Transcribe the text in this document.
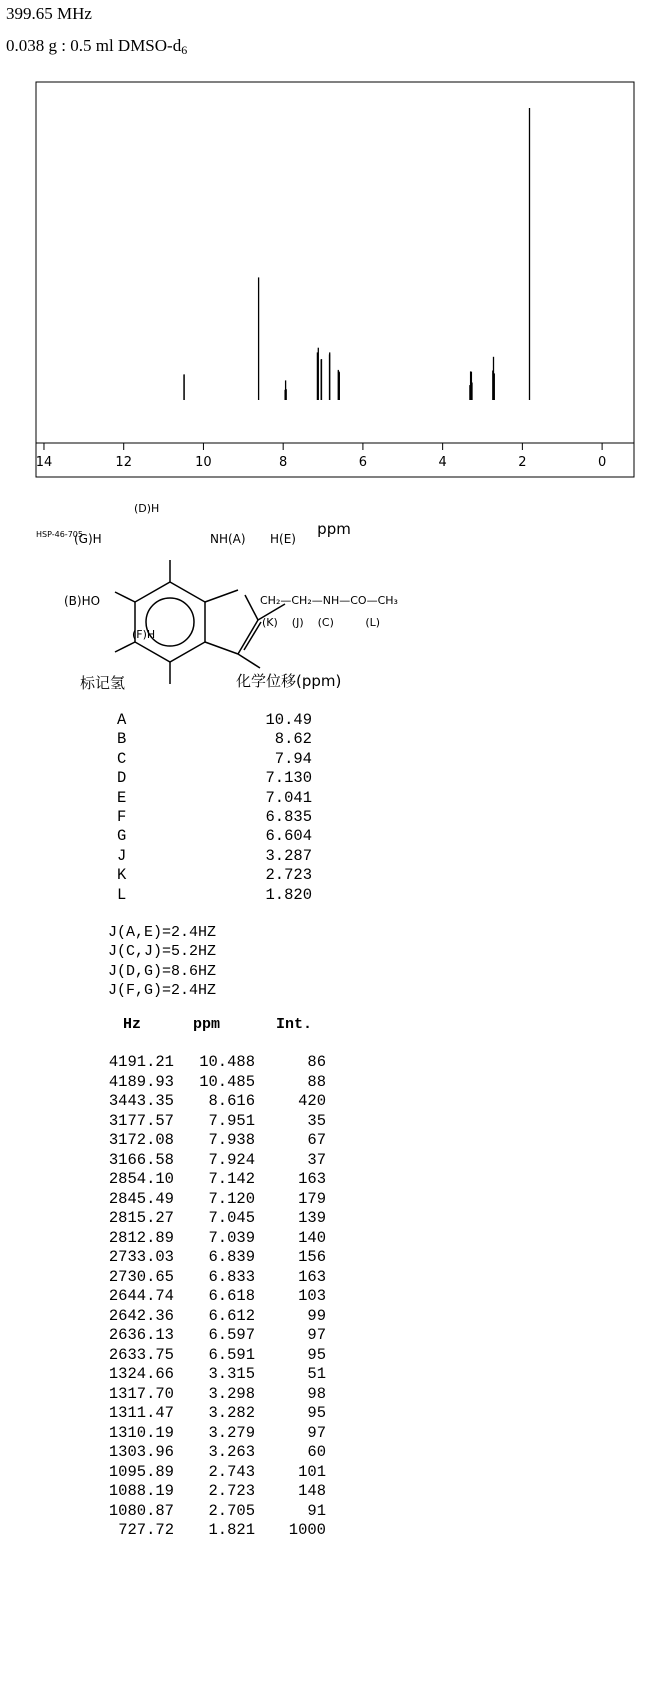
399.65 MHz
0.038 g : 0.5 ml DMSO-$d_6$
14	12	10	8	6	4	2	0
ppm
HSP-46-705
(D)H
NH(A) H(E)
(G)H
(B)HO
(F)H
CH₂—CH₂—NH—CO—CH₃
(K)    (J)    (C)         (L)
标记氢	化学位移(ppm)
A	10.49
B	8.62
C	7.94
D	7.130
E	7.041
F	6.835
G	6.604
J	3.287
K	2.723
L	1.820
J(A,E)=2.4HZ
J(C,J)=5.2HZ
J(D,G)=8.6HZ
J(F,G)=2.4HZ
Hz	ppm	Int.
4191.21	10.488	86
4189.93	10.485	88
3443.35	8.616	420
3177.57	7.951	35
3172.08	7.938	67
3166.58	7.924	37
2854.10	7.142	163
2845.49	7.120	179
2815.27	7.045	139
2812.89	7.039	140
2733.03	6.839	156
2730.65	6.833	163
2644.74	6.618	103
2642.36	6.612	99
2636.13	6.597	97
2633.75	6.591	95
1324.66	3.315	51
1317.70	3.298	98
1311.47	3.282	95
1310.19	3.279	97
1303.96	3.263	60
1095.89	2.743	101
1088.19	2.723	148
1080.87	2.705	91
727.72	1.821	1000
